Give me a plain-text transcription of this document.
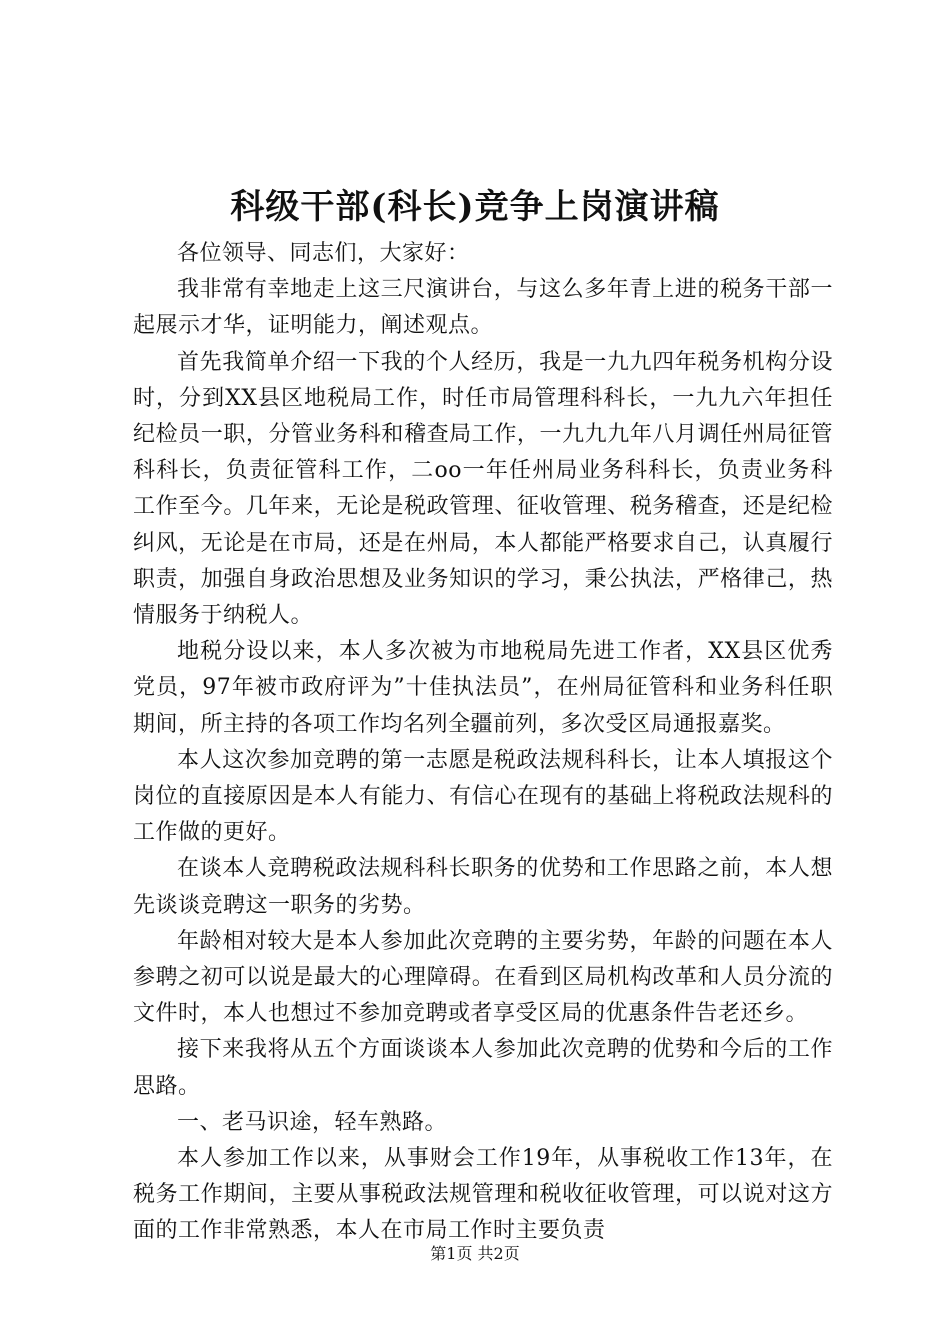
科级干部(科长)竞争上岗演讲稿

各位领导、同志们，大家好：

我非常有幸地走上这三尺演讲台，与这么多年青上进的税务干部一起展示才华，证明能力，阐述观点。

首先我简单介绍一下我的个人经历，我是一九九四年税务机构分设时，分到XX县区地税局工作，时任市局管理科科长，一九九六年担任纪检员一职，分管业务科和稽查局工作，一九九九年八月调任州局征管科科长，负责征管科工作，二oo一年任州局业务科科长，负责业务科工作至今。几年来，无论是税政管理、征收管理、税务稽查，还是纪检纠风，无论是在市局，还是在州局，本人都能严格要求自己，认真履行职责，加强自身政治思想及业务知识的学习，秉公执法，严格律己，热情服务于纳税人。

地税分设以来，本人多次被为市地税局先进工作者，XX县区优秀党员，97年被市政府评为”十佳执法员”，在州局征管科和业务科任职期间，所主持的各项工作均名列全疆前列，多次受区局通报嘉奖。

本人这次参加竞聘的第一志愿是税政法规科科长，让本人填报这个岗位的直接原因是本人有能力、有信心在现有的基础上将税政法规科的工作做的更好。

在谈本人竞聘税政法规科科长职务的优势和工作思路之前，本人想先谈谈竞聘这一职务的劣势。

年龄相对较大是本人参加此次竞聘的主要劣势，年龄的问题在本人参聘之初可以说是最大的心理障碍。在看到区局机构改革和人员分流的文件时，本人也想过不参加竞聘或者享受区局的优惠条件告老还乡。

接下来我将从五个方面谈谈本人参加此次竞聘的优势和今后的工作思路。

一、老马识途，轻车熟路。

本人参加工作以来，从事财会工作19年，从事税收工作13年，在税务工作期间，主要从事税政法规管理和税收征收管理，可以说对这方面的工作非常熟悉，本人在市局工作时主要负责

第1页 共2页
